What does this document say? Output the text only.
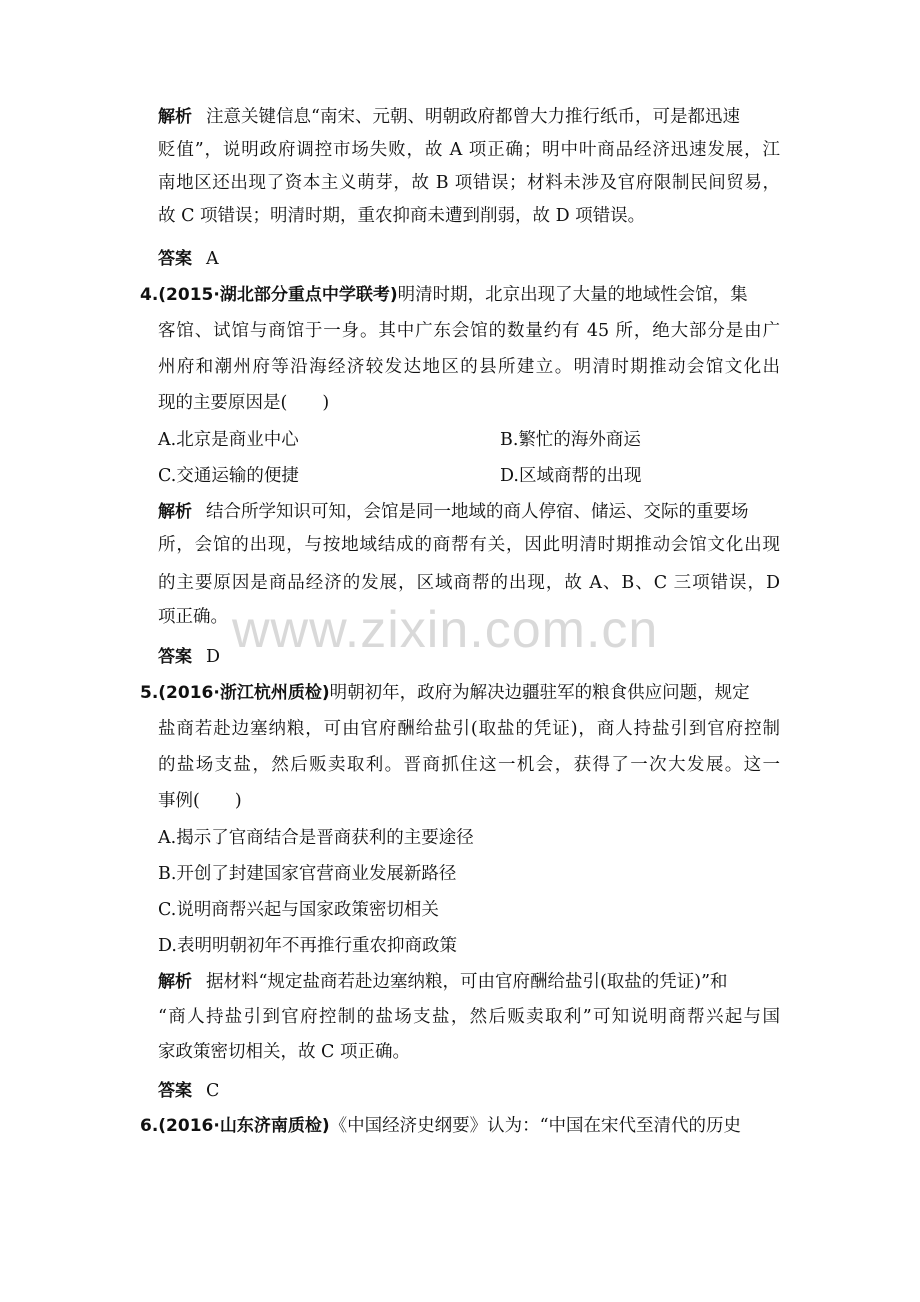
www.zixin.com.cn
解析 注意关键信息“南宋、元朝、明朝政府都曾大力推行纸币，可是都迅速
贬值”，说明政府调控市场失败，故 A 项正确；明中叶商品经济迅速发展，江
南地区还出现了资本主义萌芽，故 B 项错误；材料未涉及官府限制民间贸易，
故 C 项错误；明清时期，重农抑商未遭到削弱，故 D 项错误。
答案 A
4.(2015·湖北部分重点中学联考)明清时期，北京出现了大量的地域性会馆，集
客馆、试馆与商馆于一身。其中广东会馆的数量约有 45 所，绝大部分是由广
州府和潮州府等沿海经济较发达地区的县所建立。明清时期推动会馆文化出
现的主要原因是(　　)
A.北京是商业中心	B.繁忙的海外商运
C.交通运输的便捷	D.区域商帮的出现
解析 结合所学知识可知，会馆是同一地域的商人停宿、储运、交际的重要场
所，会馆的出现，与按地域结成的商帮有关，因此明清时期推动会馆文化出现
的主要原因是商品经济的发展，区域商帮的出现，故 A、B、C 三项错误，D
项正确。
答案 D
5.(2016·浙江杭州质检)明朝初年，政府为解决边疆驻军的粮食供应问题，规定
盐商若赴边塞纳粮，可由官府酬给盐引(取盐的凭证)，商人持盐引到官府控制
的盐场支盐，然后贩卖取利。晋商抓住这一机会，获得了一次大发展。这一
事例(　　)
A.揭示了官商结合是晋商获利的主要途径
B.开创了封建国家官营商业发展新路径
C.说明商帮兴起与国家政策密切相关
D.表明明朝初年不再推行重农抑商政策
解析 据材料“规定盐商若赴边塞纳粮，可由官府酬给盐引(取盐的凭证)”和
“商人持盐引到官府控制的盐场支盐，然后贩卖取利”可知说明商帮兴起与国
家政策密切相关，故 C 项正确。
答案 C
6.(2016·山东济南质检)《中国经济史纲要》认为：“中国在宋代至清代的历史
